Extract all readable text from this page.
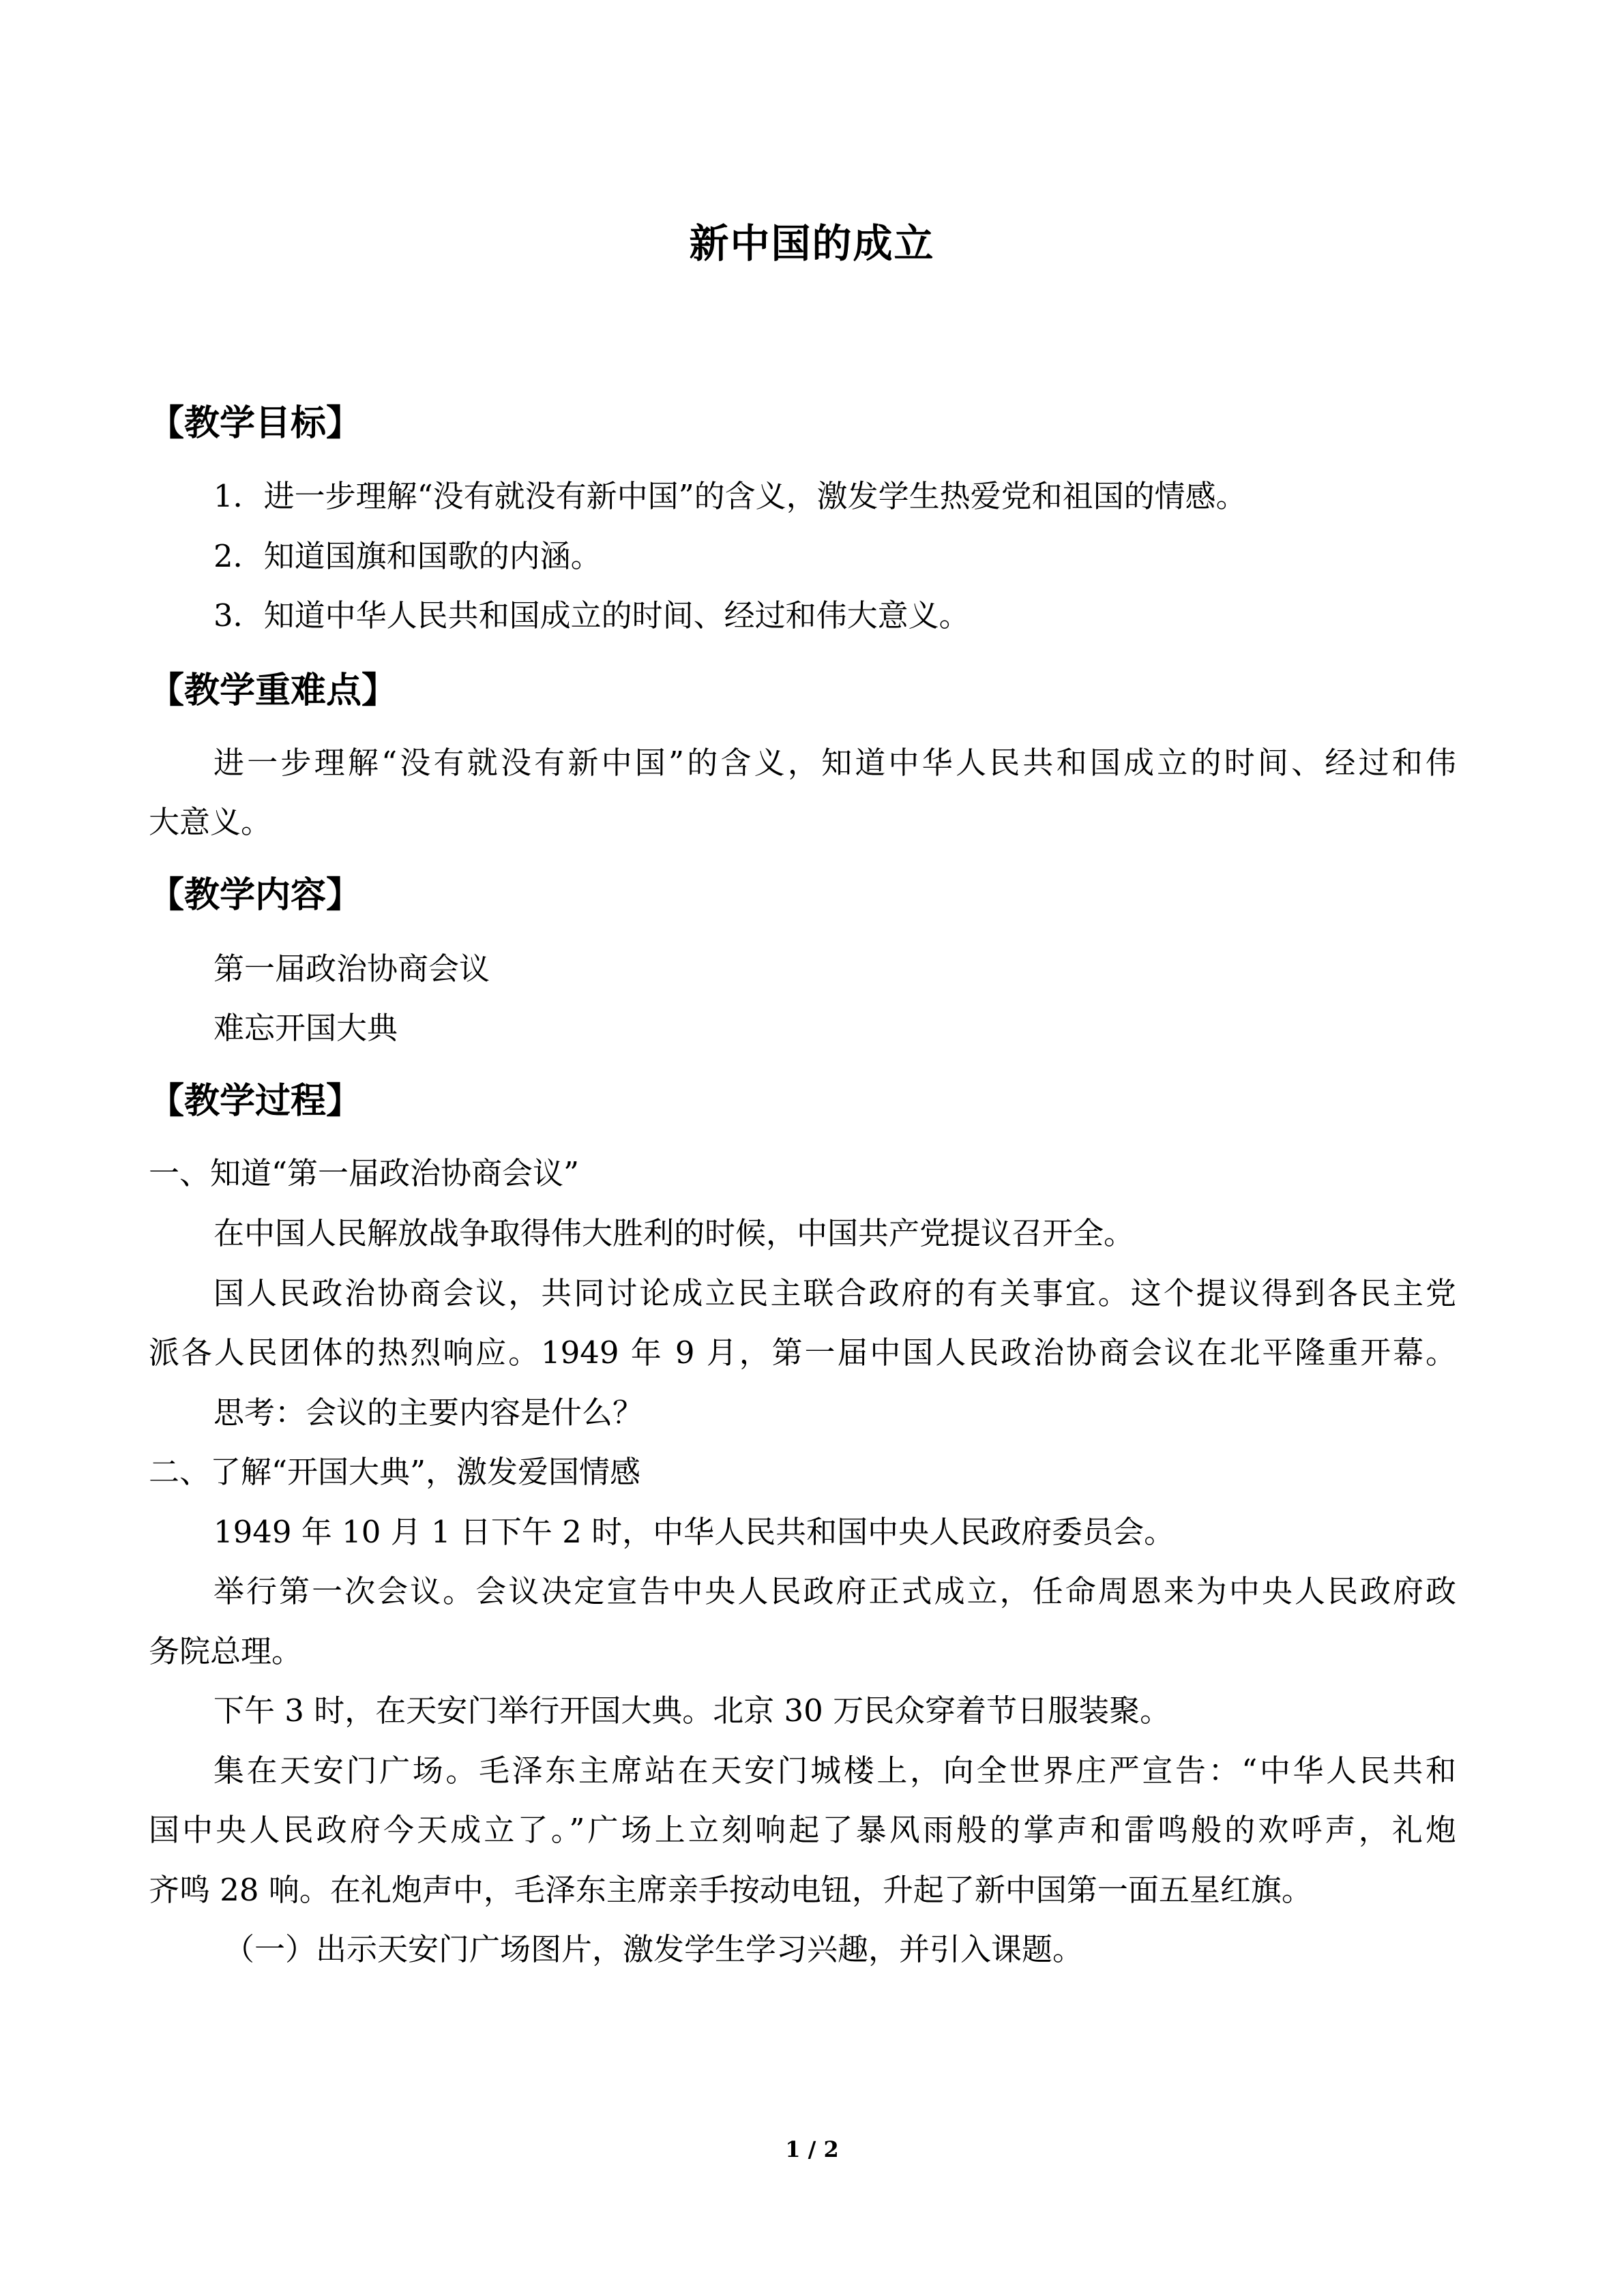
新中国的成立
【教学目标】
1．进一步理解“没有就没有新中国”的含义，激发学生热爱党和祖国的情感。
2．知道国旗和国歌的内涵。
3．知道中华人民共和国成立的时间、经过和伟大意义。
【教学重难点】
进一步理解“没有就没有新中国”的含义，知道中华人民共和国成立的时间、经过和伟
大意义。
【教学内容】
第一届政治协商会议
难忘开国大典
【教学过程】
一、知道“第一届政治协商会议”
在中国人民解放战争取得伟大胜利的时候，中国共产党提议召开全。
国人民政治协商会议，共同讨论成立民主联合政府的有关事宜。这个提议得到各民主党
派各人民团体的热烈响应。1949 年 9 月，第一届中国人民政治协商会议在北平隆重开幕。
思考：会议的主要内容是什么？
二、了解“开国大典”，激发爱国情感
1949 年 10 月 1 日下午 2 时，中华人民共和国中央人民政府委员会。
举行第一次会议。会议决定宣告中央人民政府正式成立，任命周恩来为中央人民政府政
务院总理。
下午 3 时，在天安门举行开国大典。北京 30 万民众穿着节日服装聚。
集在天安门广场。毛泽东主席站在天安门城楼上，向全世界庄严宣告：“中华人民共和
国中央人民政府今天成立了。”广场上立刻响起了暴风雨般的掌声和雷鸣般的欢呼声，礼炮
齐鸣 28 响。在礼炮声中，毛泽东主席亲手按动电钮，升起了新中国第一面五星红旗。
（一）出示天安门广场图片，激发学生学习兴趣，并引入课题。
1 / 2
